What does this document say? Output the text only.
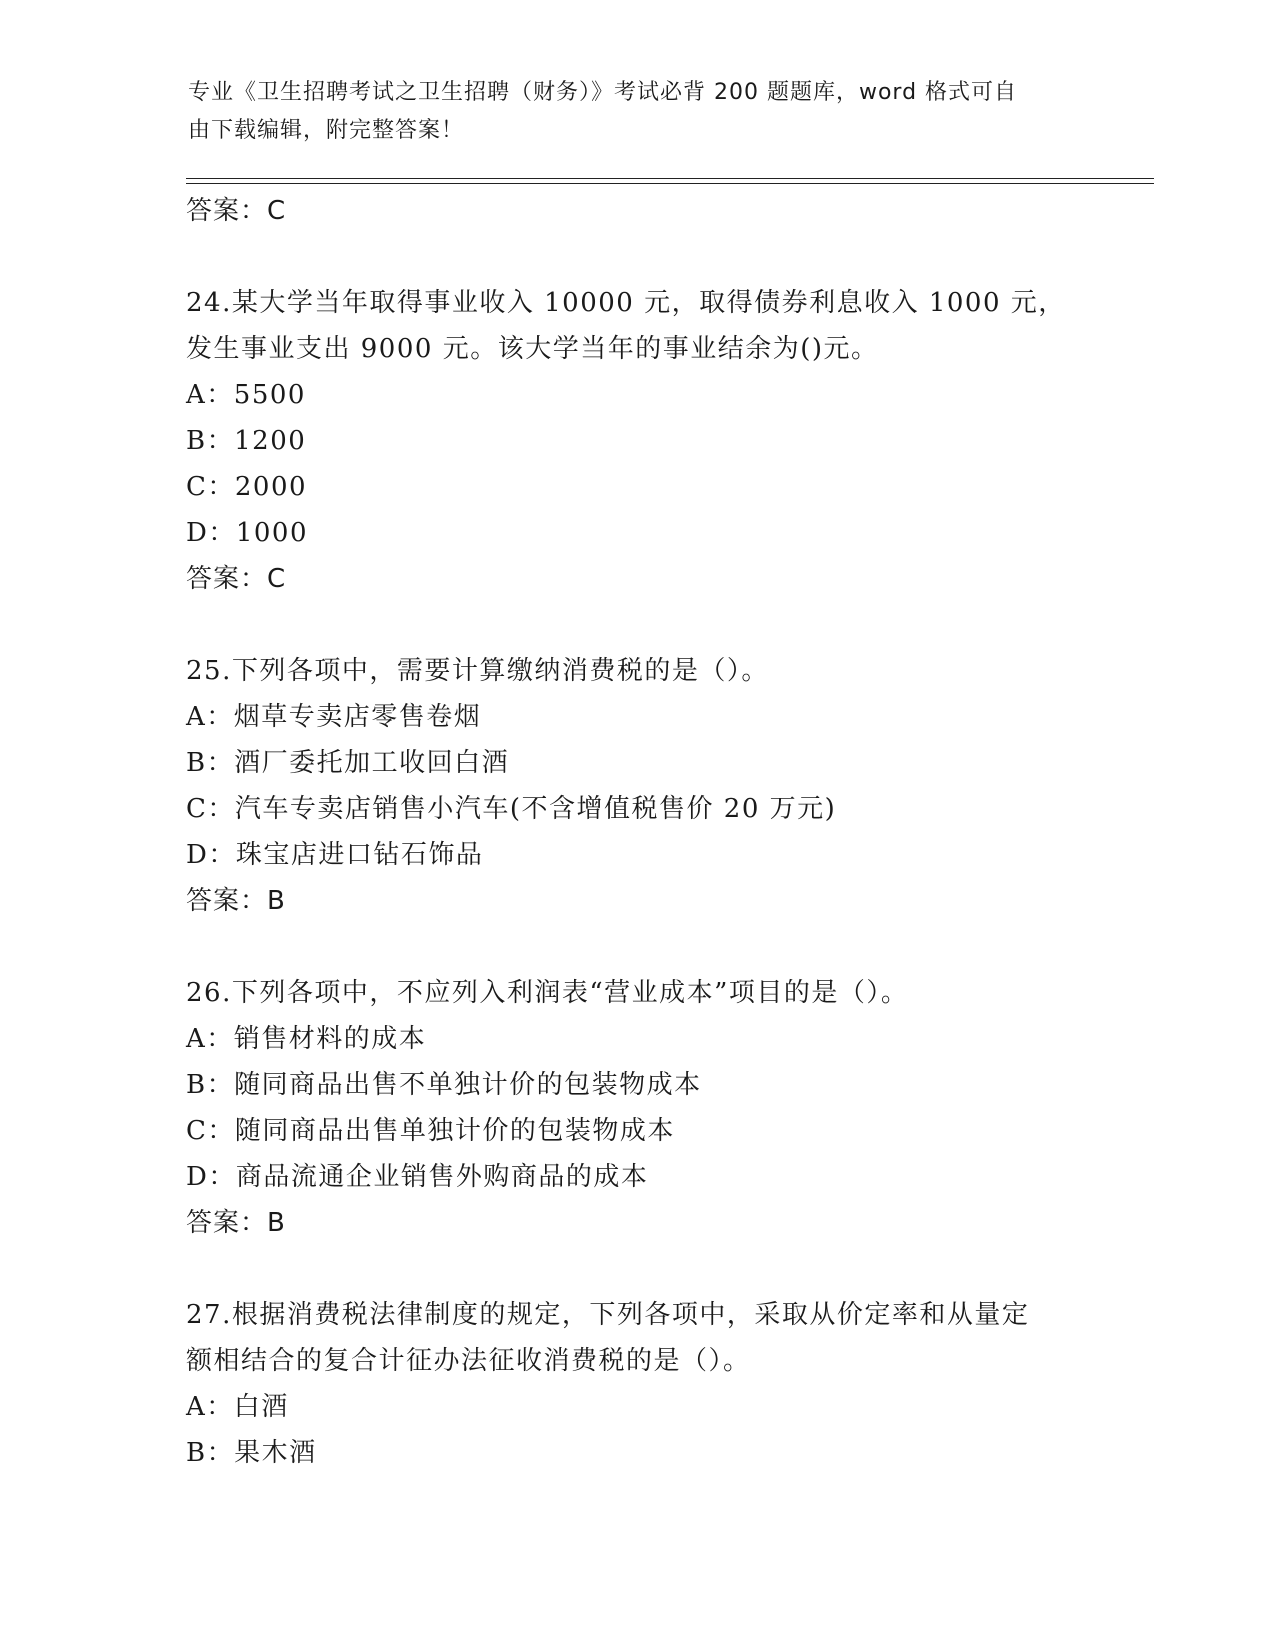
专业《卫生招聘考试之卫生招聘（财务）》考试必背 200 题题库，word 格式可自
由下载编辑，附完整答案！
答案：C
24.某大学当年取得事业收入 10000 元，取得债券利息收入 1000 元，
发生事业支出 9000 元。该大学当年的事业结余为()元。
A：5500
B：1200
C：2000
D：1000
答案：C
25.下列各项中，需要计算缴纳消费税的是（）。
A：烟草专卖店零售卷烟
B：酒厂委托加工收回白酒
C：汽车专卖店销售小汽车(不含增值税售价 20 万元)
D：珠宝店进口钻石饰品
答案：B
26.下列各项中，不应列入利润表“营业成本”项目的是（）。
A：销售材料的成本
B：随同商品出售不单独计价的包装物成本
C：随同商品出售单独计价的包装物成本
D：商品流通企业销售外购商品的成本
答案：B
27.根据消费税法律制度的规定，下列各项中，采取从价定率和从量定
额相结合的复合计征办法征收消费税的是（）。
A：白酒
B：果木酒
